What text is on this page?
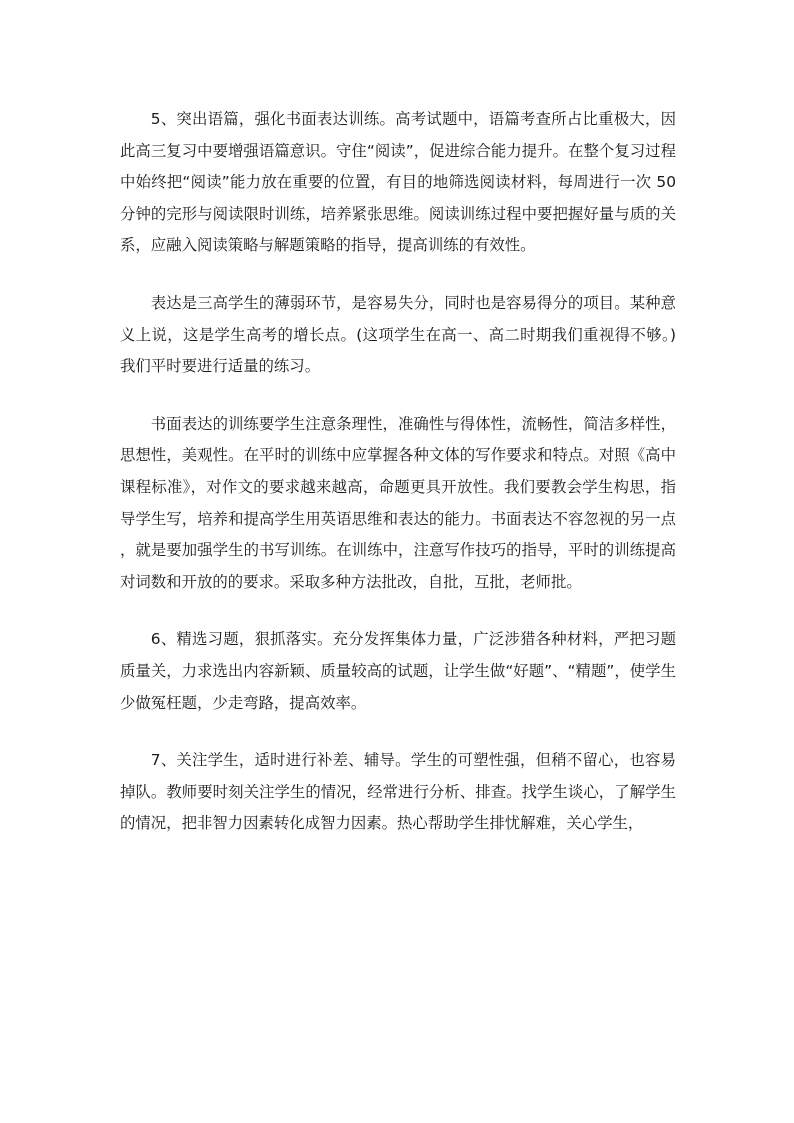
5、突出语篇，强化书面表达训练。高考试题中，语篇考查所占比重极大，因此高三复习中要增强语篇意识。守住“阅读”，促进综合能力提升。在整个复习过程中始终把“阅读”能力放在重要的位置，有目的地筛选阅读材料，每周进行一次 50 分钟的完形与阅读限时训练，培养紧张思维。阅读训练过程中要把握好量与质的关系，应融入阅读策略与解题策略的指导，提高训练的有效性。

表达是三高学生的薄弱环节，是容易失分，同时也是容易得分的项目。某种意义上说，这是学生高考的增长点。(这项学生在高一、高二时期我们重视得不够。)我们平时要进行适量的练习。

书面表达的训练要学生注意条理性，准确性与得体性，流畅性，简洁多样性，思想性，美观性。在平时的训练中应掌握各种文体的写作要求和特点。对照《高中课程标准》，对作文的要求越来越高，命题更具开放性。我们要教会学生构思，指导学生写，培养和提高学生用英语思维和表达的能力。书面表达不容忽视的另一点，就是要加强学生的书写训练。在训练中，注意写作技巧的指导，平时的训练提高对词数和开放的的要求。采取多种方法批改，自批，互批，老师批。

6、精选习题，狠抓落实。充分发挥集体力量，广泛涉猎各种材料，严把习题质量关，力求选出内容新颖、质量较高的试题，让学生做“好题”、“精题”，使学生少做冤枉题，少走弯路，提高效率。

7、关注学生，适时进行补差、辅导。学生的可塑性强，但稍不留心，也容易掉队。教师要时刻关注学生的情况，经常进行分析、排查。找学生谈心，了解学生的情况，把非智力因素转化成智力因素。热心帮助学生排忧解难，关心学生，
